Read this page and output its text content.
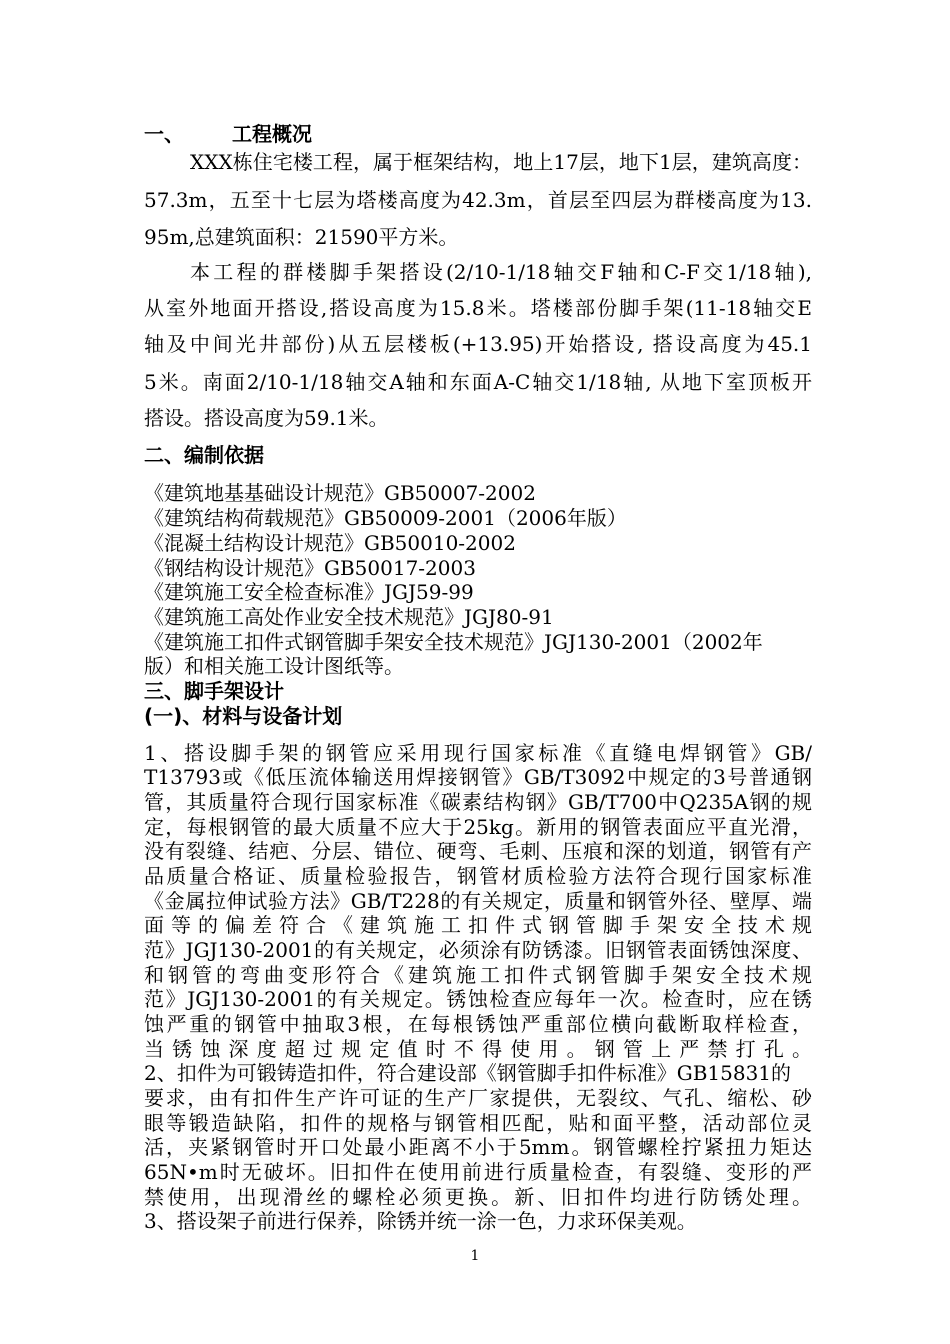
一、 工程概况
XXX栋住宅楼工程，属于框架结构，地上17层，地下1层，建筑高度：
57.3m，五至十七层为塔楼高度为42.3m，首层至四层为群楼高度为13.
95m,总建筑面积：21590平方米。
本工程的群楼脚手架搭设(2/10-1/18轴交F轴和C-F交1/18轴),
从室外地面开搭设,搭设高度为15.8米。塔楼部份脚手架(11-18轴交E
轴及中间光井部份)从五层楼板(+13.95)开始搭设, 搭设高度为45.1
5米。南面2/10-1/18轴交A轴和东面A-C轴交1/18轴, 从地下室顶板开
搭设。搭设高度为59.1米。
二、编制依据
《建筑地基基础设计规范》GB50007-2002
《建筑结构荷载规范》GB50009-2001（2006年版）
《混凝土结构设计规范》GB50010-2002
《钢结构设计规范》GB50017-2003
《建筑施工安全检查标准》JGJ59-99
《建筑施工高处作业安全技术规范》JGJ80-91
《建筑施工扣件式钢管脚手架安全技术规范》JGJ130-2001（2002年
版）和相关施工设计图纸等。
三、脚手架设计
(一)、材料与设备计划
1、搭设脚手架的钢管应采用现行国家标准《直缝电焊钢管》GB/
T13793或《低压流体输送用焊接钢管》GB/T3092中规定的3号普通钢
管，其质量符合现行国家标准《碳素结构钢》GB/T700中Q235A钢的规
定，每根钢管的最大质量不应大于25kg。新用的钢管表面应平直光滑，
没有裂缝、结疤、分层、错位、硬弯、毛刺、压痕和深的划道，钢管有产
品质量合格证、质量检验报告，钢管材质检验方法符合现行国家标准
《金属拉伸试验方法》GB/T228的有关规定，质量和钢管外径、壁厚、端
面等的偏差符合《建筑施工扣件式钢管脚手架安全技术规
范》JGJ130-2001的有关规定，必须涂有防锈漆。旧钢管表面锈蚀深度、
和钢管的弯曲变形符合《建筑施工扣件式钢管脚手架安全技术规
范》JGJ130-2001的有关规定。锈蚀检查应每年一次。检查时，应在锈
蚀严重的钢管中抽取3根，在每根锈蚀严重部位横向截断取样检查，
当锈蚀深度超过规定值时不得使用。钢管上严禁打孔。
2、扣件为可锻铸造扣件，符合建设部《钢管脚手扣件标准》GB15831的
要求，由有扣件生产许可证的生产厂家提供，无裂纹、气孔、缩松、砂
眼等锻造缺陷，扣件的规格与钢管相匹配，贴和面平整，活动部位灵
活，夹紧钢管时开口处最小距离不小于5mm。钢管螺栓拧紧扭力矩达
65N•m时无破坏。旧扣件在使用前进行质量检查，有裂缝、变形的严
禁使用，出现滑丝的螺栓必须更换。新、旧扣件均进行防锈处理。
3、搭设架子前进行保养，除锈并统一涂一色，力求环保美观。
1
